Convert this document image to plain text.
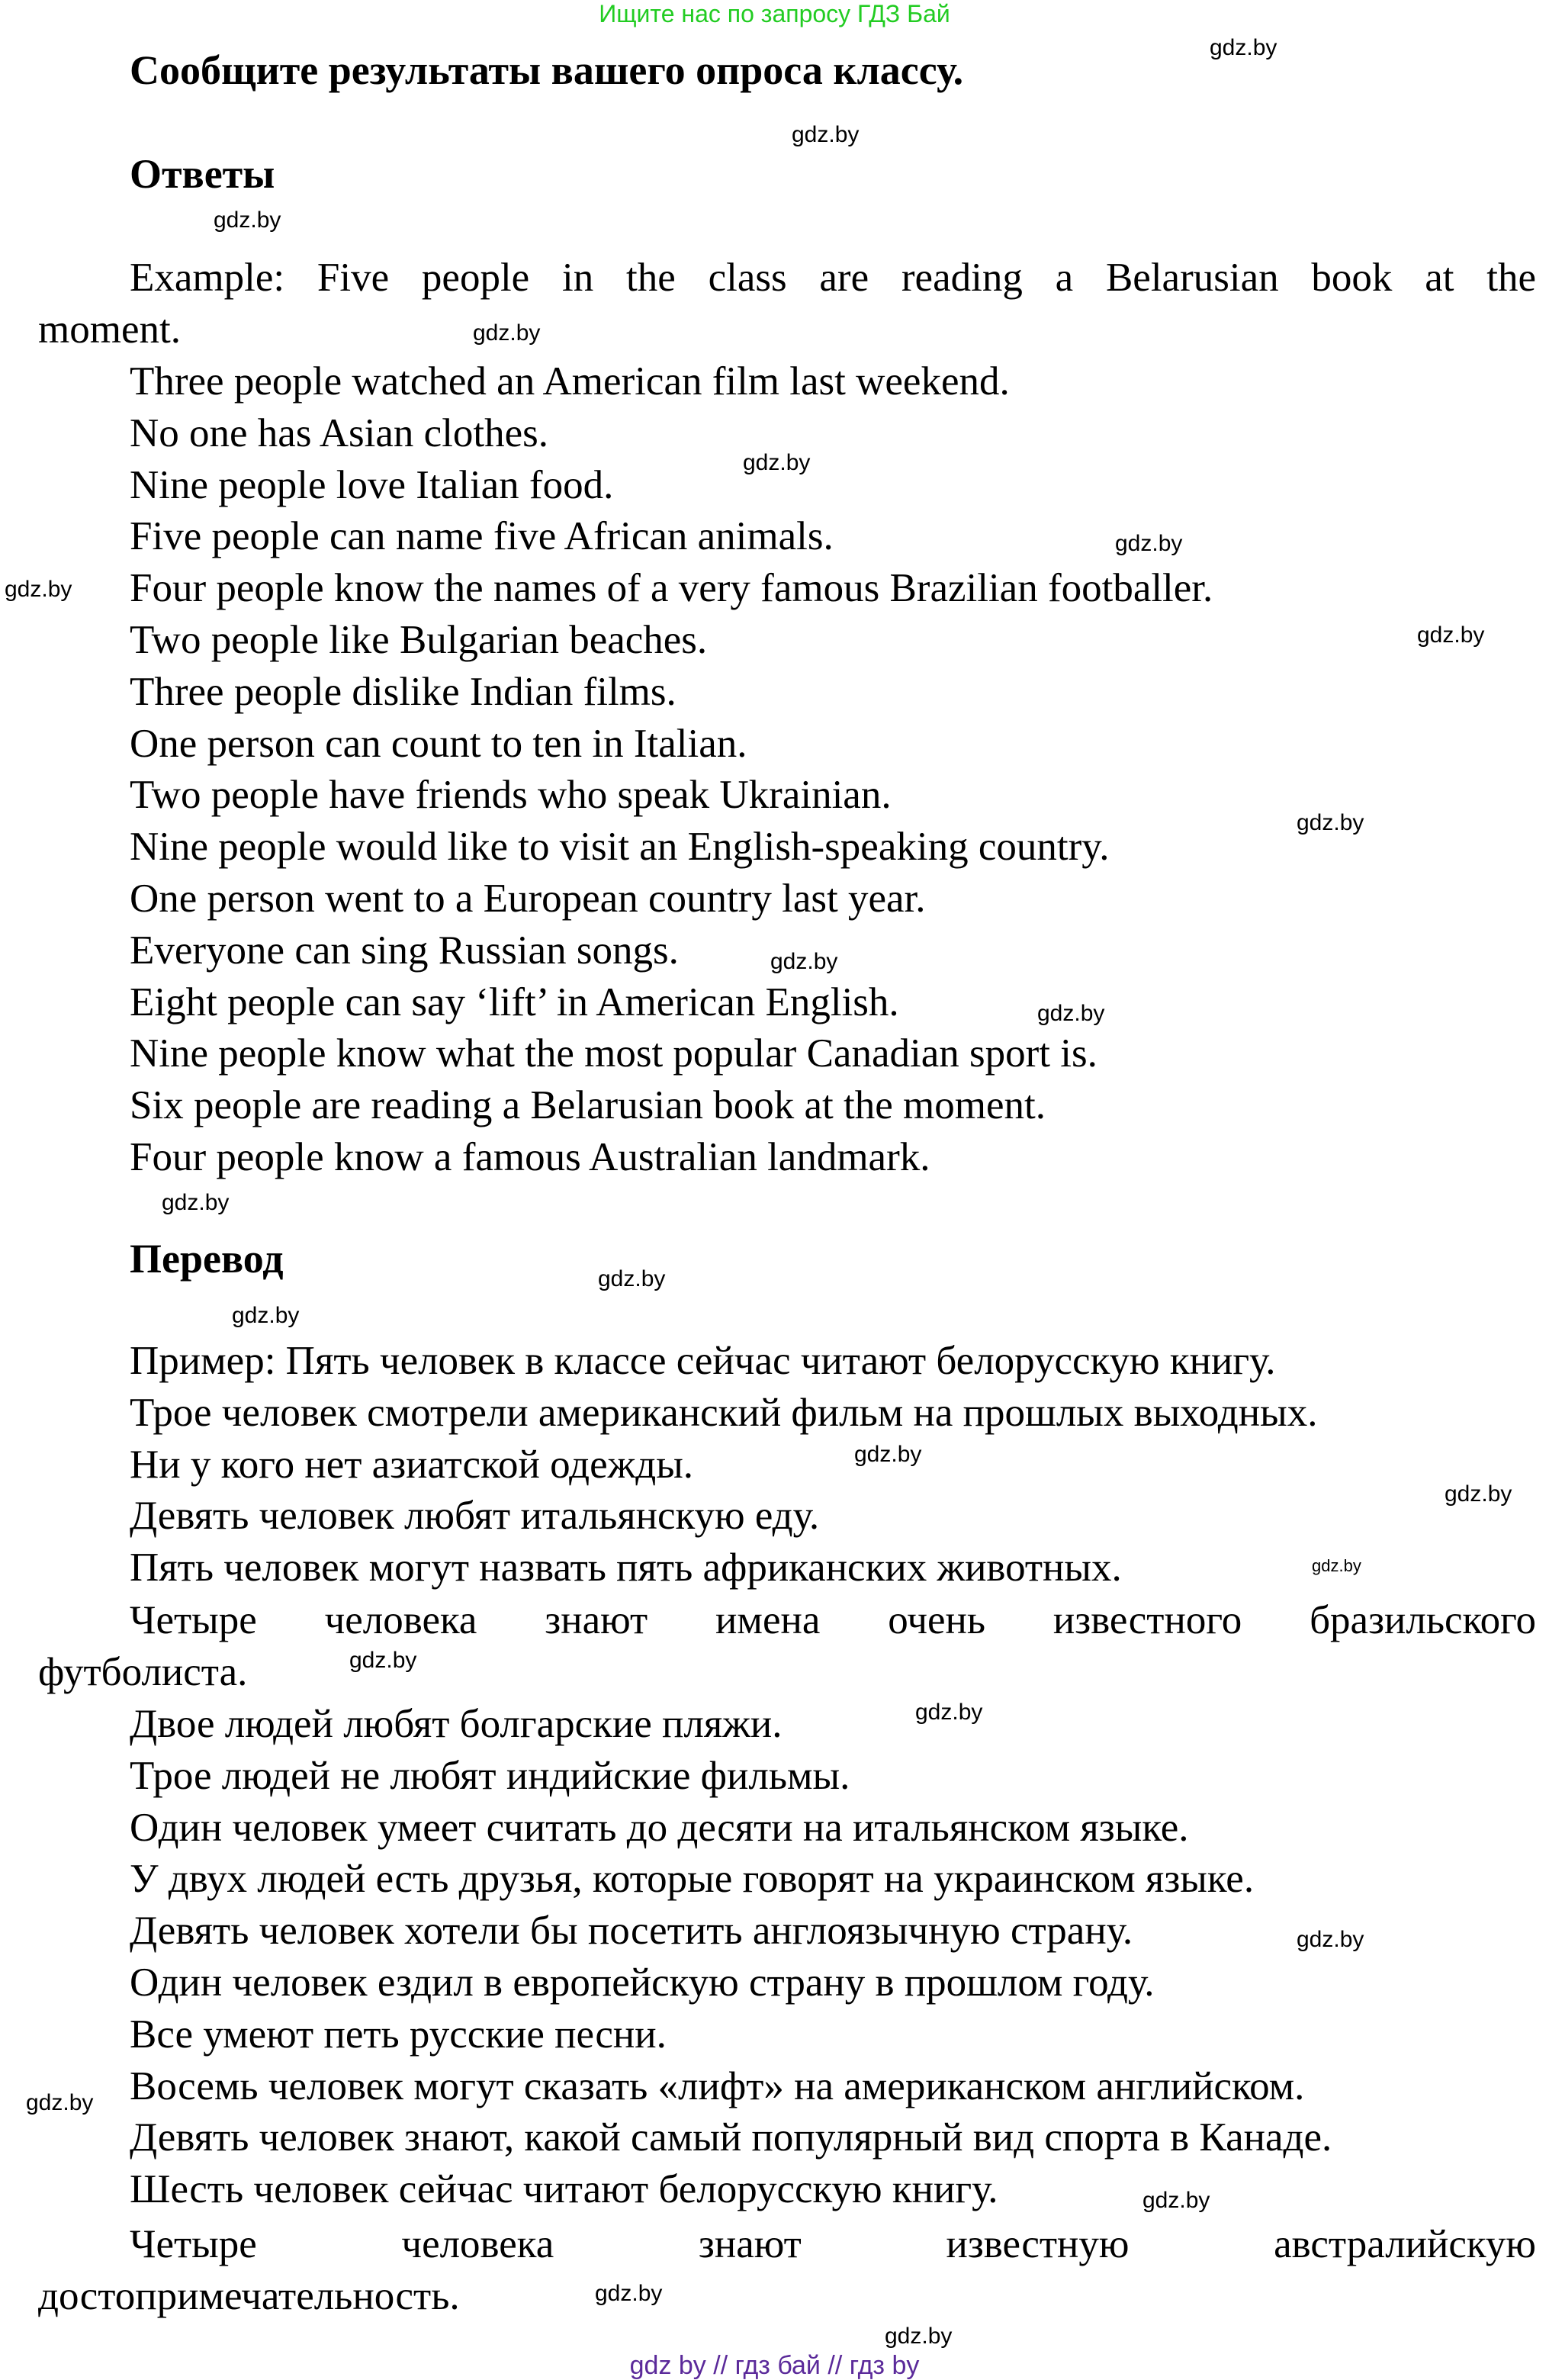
Ищите нас по запросу ГДЗ Бай
Сообщите результаты вашего опроса классу.
Ответы
Example: Five people in the class are reading a Belarusian book at the
moment.
Three people watched an American film last weekend.
No one has Asian clothes.
Nine people love Italian food.
Five people can name five African animals.
Four people know the names of a very famous Brazilian footballer.
Two people like Bulgarian beaches.
Three people dislike Indian films.
One person can count to ten in Italian.
Two people have friends who speak Ukrainian.
Nine people would like to visit an English-speaking country.
One person went to a European country last year.
Everyone can sing Russian songs.
Eight people can say ‘lift’ in American English.
Nine people know what the most popular Canadian sport is.
Six people are reading a Belarusian book at the moment.
Four people know a famous Australian landmark.
Перевод
Пример: Пять человек в классе сейчас читают белорусскую книгу.
Трое человек смотрели американский фильм на прошлых выходных.
Ни у кого нет азиатской одежды.
Девять человек любят итальянскую еду.
Пять человек могут назвать пять африканских животных.
Четыре человека знают имена очень известного бразильского
футболиста.
Двое людей любят болгарские пляжи.
Трое людей не любят индийские фильмы.
Один человек умеет считать до десяти на итальянском языке.
У двух людей есть друзья, которые говорят на украинском языке.
Девять человек хотели бы посетить англоязычную страну.
Один человек ездил в европейскую страну в прошлом году.
Все умеют петь русские песни.
Восемь человек могут сказать «лифт» на американском английском.
Девять человек знают, какой самый популярный вид спорта в Канаде.
Шесть человек сейчас читают белорусскую книгу.
Четыре человека знают известную австралийскую
достопримечательность.
gdz.by
gdz.by
gdz.by
gdz.by
gdz.by
gdz.by
gdz.by
gdz.by
gdz.by
gdz.by
gdz.by
gdz.by
gdz.by
gdz.by
gdz.by
gdz.by
gdz.by
gdz.by
gdz.by
gdz.by
gdz.by
gdz.by
gdz.by
gdz.by
gdz by // гдз бай // гдз by
